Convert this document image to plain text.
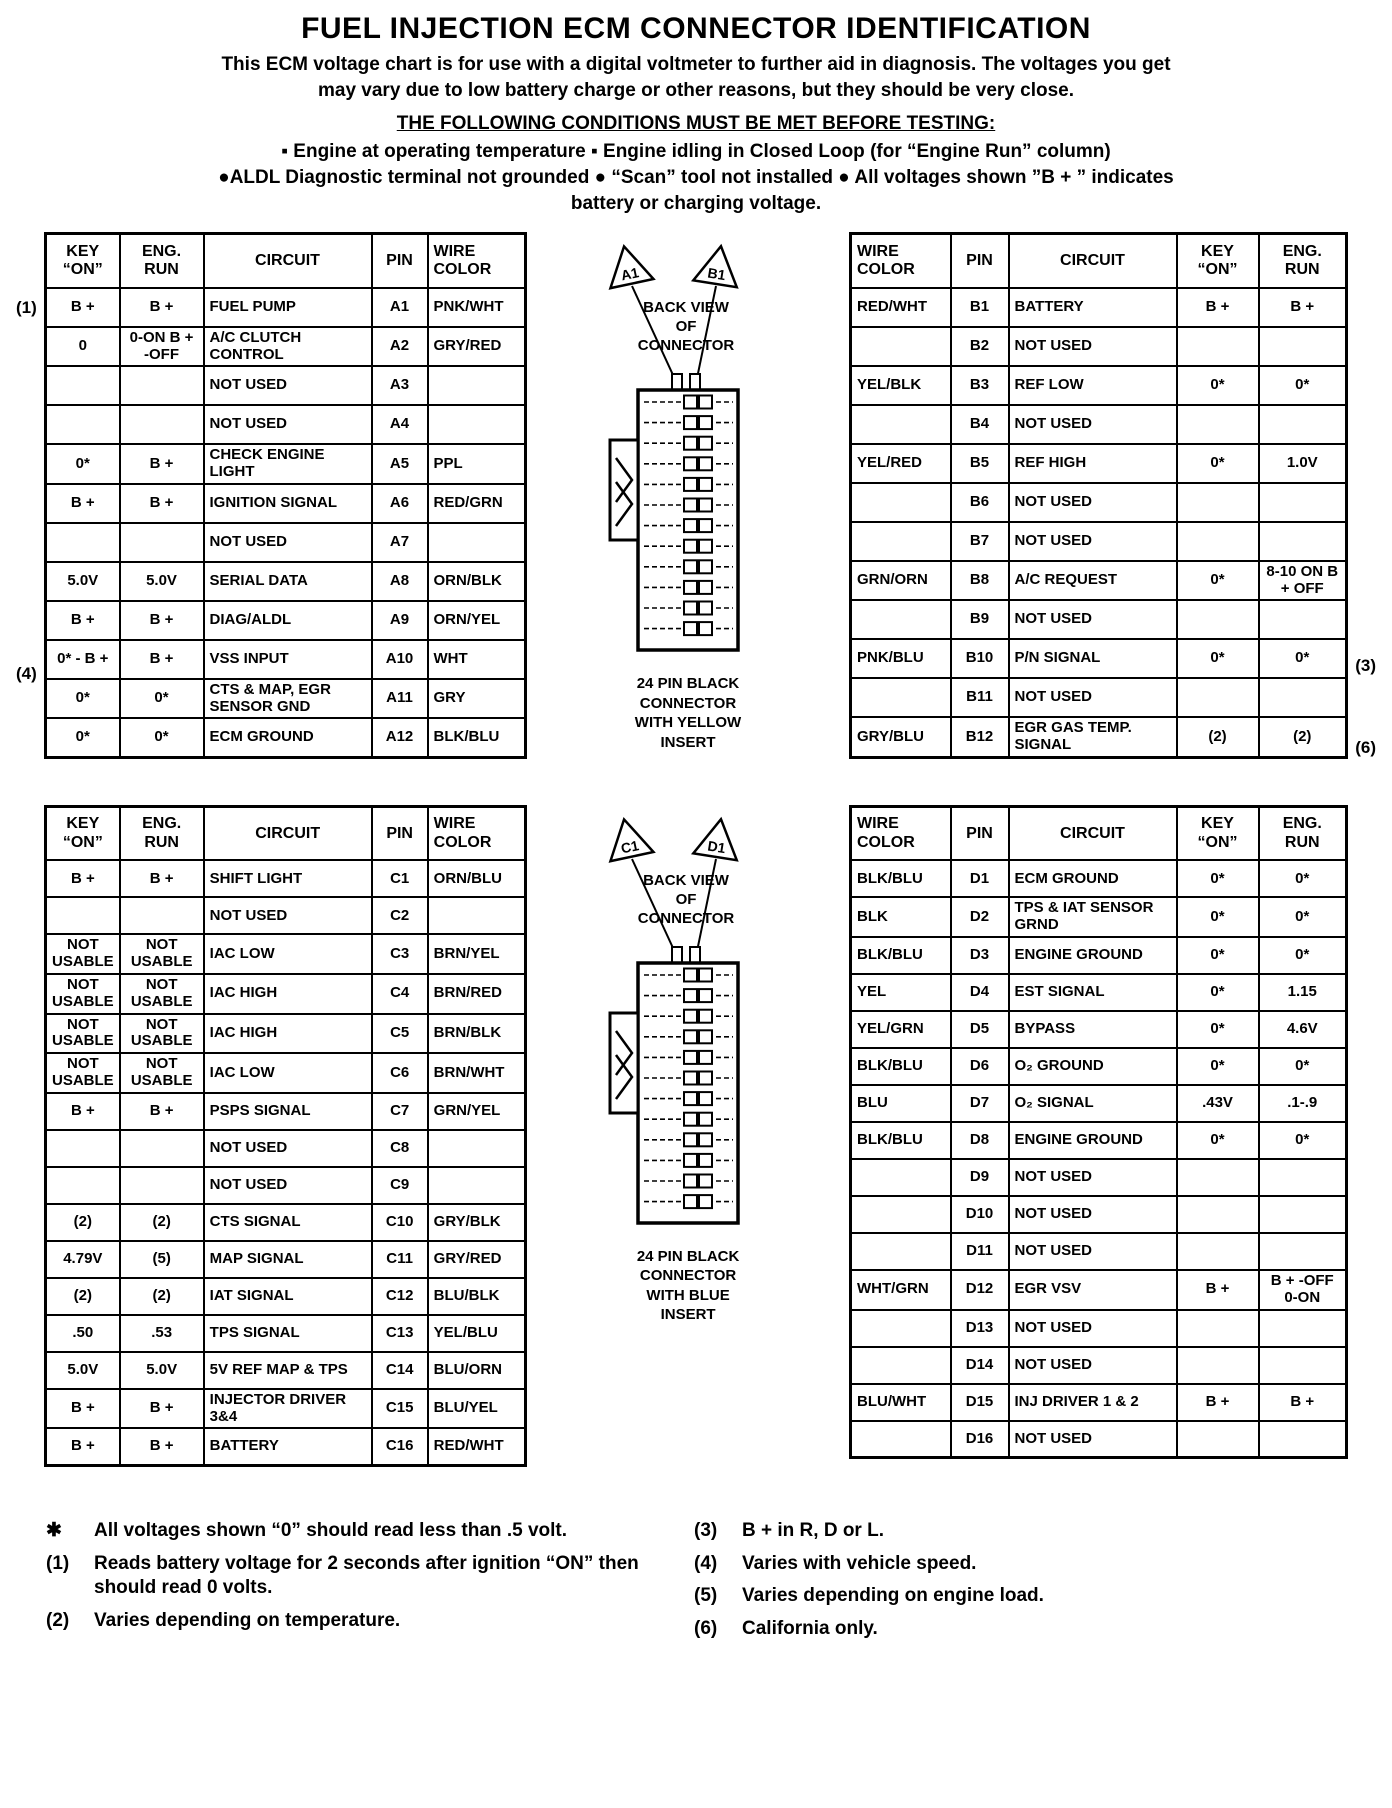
FUEL INJECTION ECM CONNECTOR IDENTIFICATION
This ECM voltage chart is for use with a digital voltmeter to further aid in diagnosis. The voltages you get
may vary due to low battery charge or other reasons, but they should be very close.
THE FOLLOWING CONDITIONS MUST BE MET BEFORE TESTING:
▪ Engine at operating temperature ▪ Engine idling in Closed Loop (for “Engine Run” column)
●ALDL Diagnostic terminal not grounded ● “Scan” tool not installed ● All voltages shown ”B + ” indicates
battery or charging voltage.
(1)
(4)	(3)
(6)
KEY “ON”	ENG. RUN	CIRCUIT	PIN	WIRE COLOR
B +	B +	FUEL PUMP	A1	PNK/WHT
0	0-ON B + -OFF	A/C CLUTCH CONTROL	A2	GRY/RED
		NOT USED	A3	
		NOT USED	A4	
0*	B +	CHECK ENGINE LIGHT	A5	PPL
B +	B +	IGNITION SIGNAL	A6	RED/GRN
		NOT USED	A7	
5.0V	5.0V	SERIAL DATA	A8	ORN/BLK
B +	B +	DIAG/ALDL	A9	ORN/YEL
0* - B +	B +	VSS INPUT	A10	WHT
0*	0*	CTS & MAP, EGR SENSOR GND	A11	GRY
0*	0*	ECM GROUND	A12	BLK/BLU
A1	B1
BACK VIEW
OF
CONNECTOR
24 PIN BLACK
CONNECTOR
WITH YELLOW
INSERT
WIRE COLOR	PIN	CIRCUIT	KEY “ON”	ENG. RUN
RED/WHT	B1	BATTERY	B +	B +
	B2	NOT USED		
YEL/BLK	B3	REF LOW	0*	0*
	B4	NOT USED		
YEL/RED	B5	REF HIGH	0*	1.0V
	B6	NOT USED		
	B7	NOT USED		
GRN/ORN	B8	A/C REQUEST	0*	8-10 ON B + OFF
	B9	NOT USED		
PNK/BLU	B10	P/N SIGNAL	0*	0*
	B11	NOT USED		
GRY/BLU	B12	EGR GAS TEMP. SIGNAL	(2)	(2)
KEY “ON”	ENG. RUN	CIRCUIT	PIN	WIRE COLOR
B +	B +	SHIFT LIGHT	C1	ORN/BLU
		NOT USED	C2	
NOT USABLE	NOT USABLE	IAC LOW	C3	BRN/YEL
NOT USABLE	NOT USABLE	IAC HIGH	C4	BRN/RED
NOT USABLE	NOT USABLE	IAC HIGH	C5	BRN/BLK
NOT USABLE	NOT USABLE	IAC LOW	C6	BRN/WHT
B +	B +	PSPS SIGNAL	C7	GRN/YEL
		NOT USED	C8	
		NOT USED	C9	
(2)	(2)	CTS SIGNAL	C10	GRY/BLK
4.79V	(5)	MAP SIGNAL	C11	GRY/RED
(2)	(2)	IAT SIGNAL	C12	BLU/BLK
.50	.53	TPS SIGNAL	C13	YEL/BLU
5.0V	5.0V	5V REF MAP & TPS	C14	BLU/ORN
B +	B +	INJECTOR DRIVER 3&4	C15	BLU/YEL
B +	B +	BATTERY	C16	RED/WHT
C1	D1
BACK VIEW
OF
CONNECTOR
24 PIN BLACK
CONNECTOR
WITH BLUE
INSERT
WIRE COLOR	PIN	CIRCUIT	KEY “ON”	ENG. RUN
BLK/BLU	D1	ECM GROUND	0*	0*
BLK	D2	TPS & IAT SENSOR GRND	0*	0*
BLK/BLU	D3	ENGINE GROUND	0*	0*
YEL	D4	EST SIGNAL	0*	1.15
YEL/GRN	D5	BYPASS	0*	4.6V
BLK/BLU	D6	O₂ GROUND	0*	0*
BLU	D7	O₂ SIGNAL	.43V	.1-.9
BLK/BLU	D8	ENGINE GROUND	0*	0*
	D9	NOT USED		
	D10	NOT USED		
	D11	NOT USED		
WHT/GRN	D12	EGR VSV	B +	B + -OFF 0-ON
	D13	NOT USED		
	D14	NOT USED		
BLU/WHT	D15	INJ DRIVER 1 & 2	B +	B +
	D16	NOT USED		
✱	All voltages shown “0” should read less than .5 volt.
(1)	Reads battery voltage for 2 seconds after ignition “ON” then should read 0 volts.
(2)	Varies depending on temperature.
(3)	B + in R, D or L.
(4)	Varies with vehicle speed.
(5)	Varies depending on engine load.
(6)	California only.
